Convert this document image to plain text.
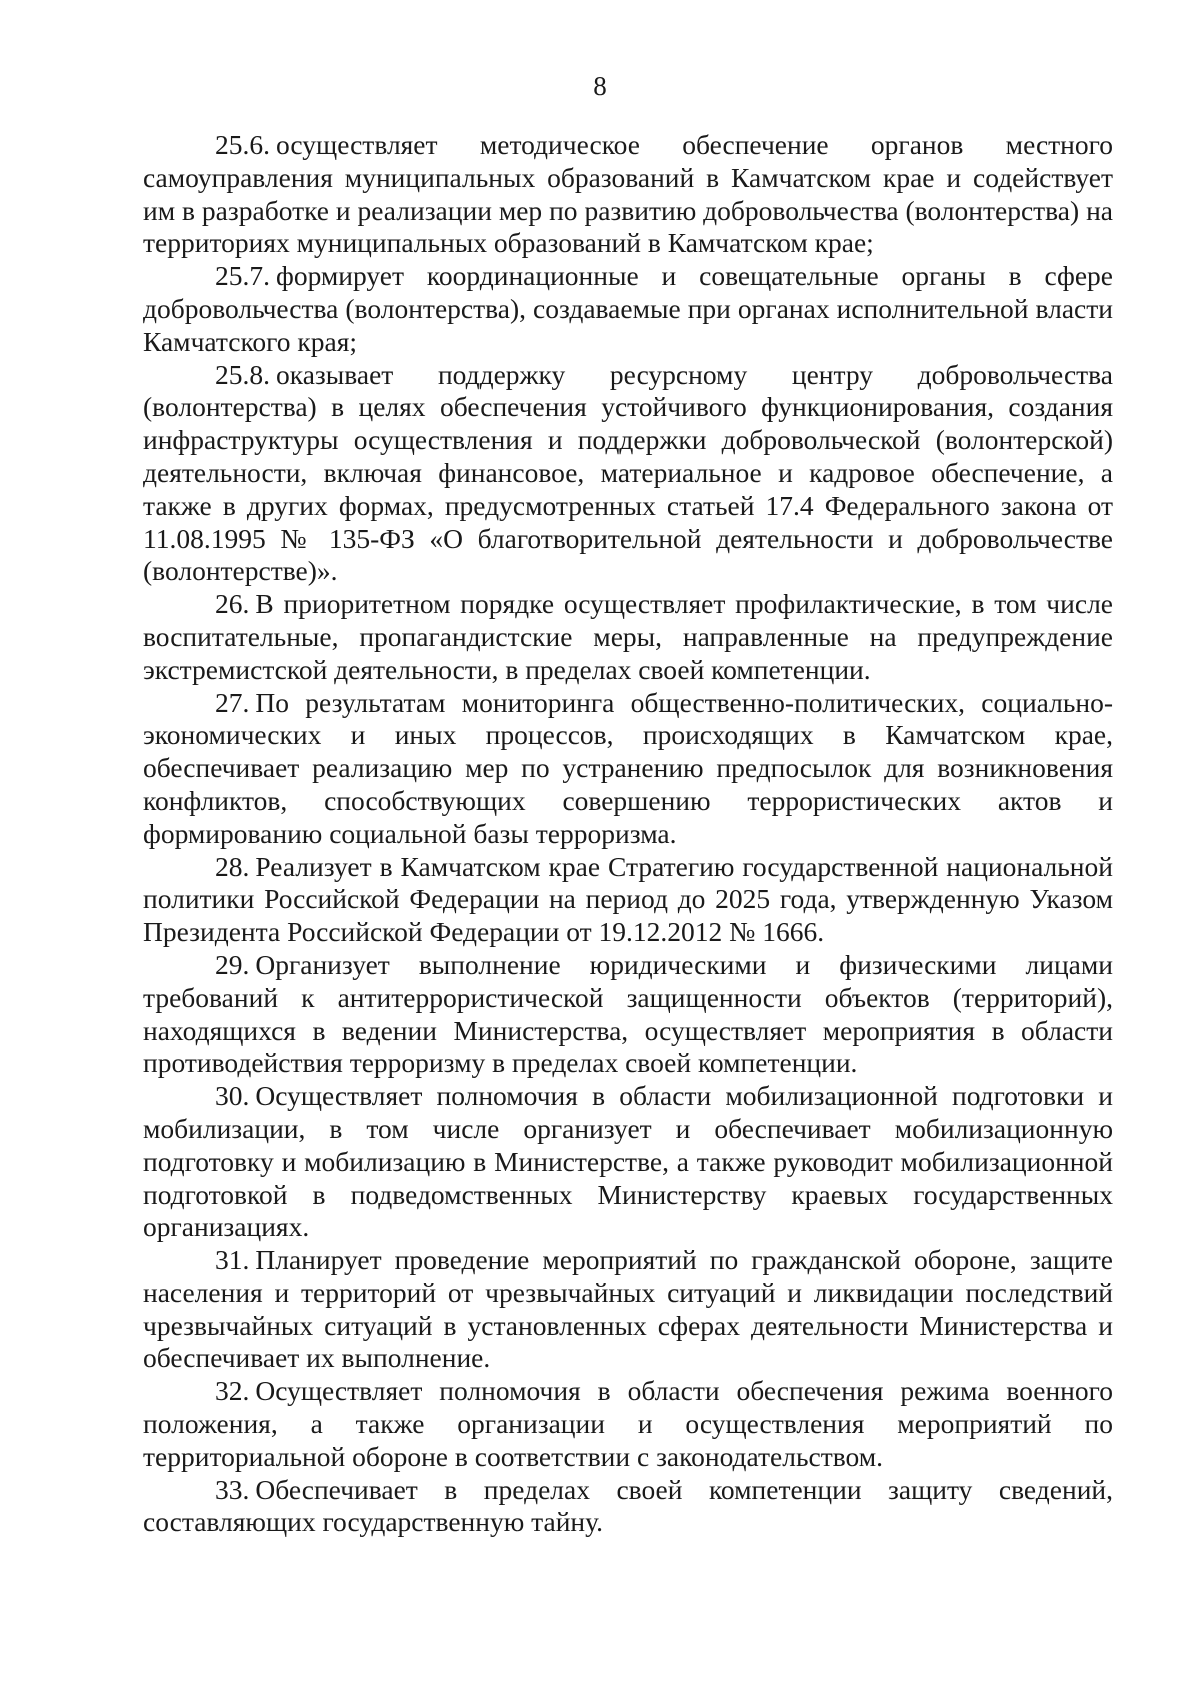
8

25.6. осуществляет методическое обеспечение органов местного самоуправления муниципальных образований в Камчатском крае и содействует им в разработке и реализации мер по развитию добровольчества (волонтерства) на территориях муниципальных образований в Камчатском крае;

25.7. формирует координационные и совещательные органы в сфере добровольчества (волонтерства), создаваемые при органах исполнительной власти Камчатского края;

25.8. оказывает поддержку ресурсному центру добровольчества (волонтерства) в целях обеспечения устойчивого функционирования, создания инфраструктуры осуществления и поддержки добровольческой (волонтерской) деятельности, включая финансовое, материальное и кадровое обеспечение, а также в других формах, предусмотренных статьей 17.4 Федерального закона от 11.08.1995 № 135-ФЗ «О благотворительной деятельности и добровольчестве (волонтерстве)».

26. В приоритетном порядке осуществляет профилактические, в том числе воспитательные, пропагандистские меры, направленные на предупреждение экстремистской деятельности, в пределах своей компетенции.

27. По результатам мониторинга общественно-политических, социально-экономических и иных процессов, происходящих в Камчатском крае, обеспечивает реализацию мер по устранению предпосылок для возникновения конфликтов, способствующих совершению террористических актов и формированию социальной базы терроризма.

28. Реализует в Камчатском крае Стратегию государственной национальной политики Российской Федерации на период до 2025 года, утвержденную Указом Президента Российской Федерации от 19.12.2012 № 1666.

29. Организует выполнение юридическими и физическими лицами требований к антитеррористической защищенности объектов (территорий), находящихся в ведении Министерства, осуществляет мероприятия в области противодействия терроризму в пределах своей компетенции.

30. Осуществляет полномочия в области мобилизационной подготовки и мобилизации, в том числе организует и обеспечивает мобилизационную подготовку и мобилизацию в Министерстве, а также руководит мобилизационной подготовкой в подведомственных Министерству краевых государственных организациях.

31. Планирует проведение мероприятий по гражданской обороне, защите населения и территорий от чрезвычайных ситуаций и ликвидации последствий чрезвычайных ситуаций в установленных сферах деятельности Министерства и обеспечивает их выполнение.

32. Осуществляет полномочия в области обеспечения режима военного положения, а также организации и осуществления мероприятий по территориальной обороне в соответствии с законодательством.

33. Обеспечивает в пределах своей компетенции защиту сведений, составляющих государственную тайну.
